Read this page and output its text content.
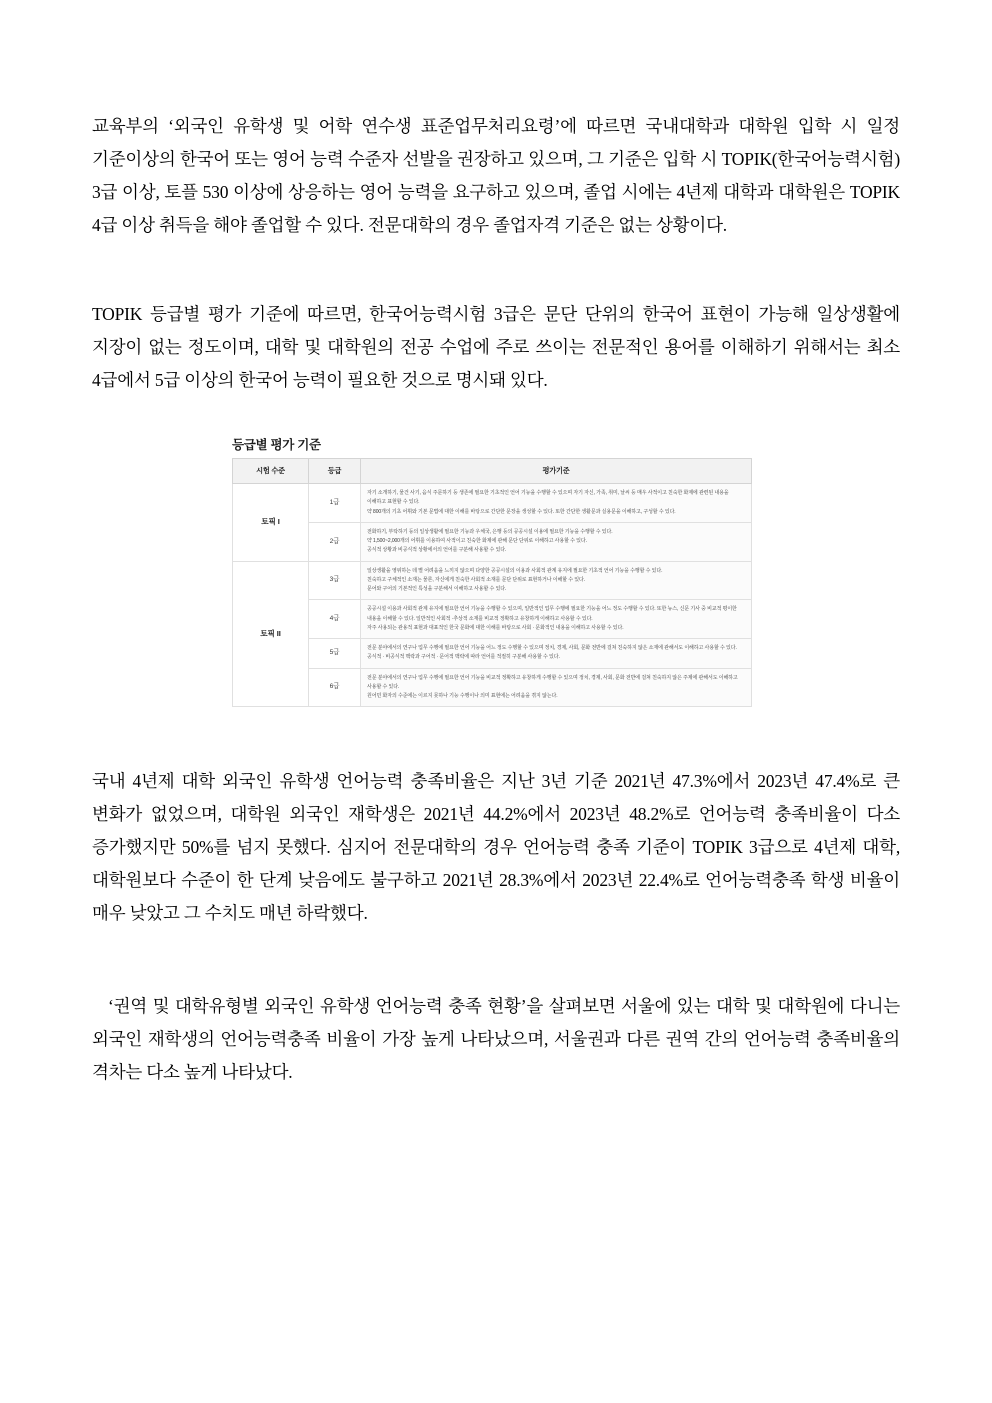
교육부의 ‘외국인 유학생 및 어학 연수생 표준업무처리요령’에 따르면 국내대학과 대학원 입학 시 일정 기준이상의 한국어 또는 영어 능력 수준자 선발을 권장하고 있으며, 그 기준은 입학 시 TOPIK(한국어능력시험) 3급 이상, 토플 530 이상에 상응하는 영어 능력을 요구하고 있으며, 졸업 시에는 4년제 대학과 대학원은 TOPIK 4급 이상 취득을 해야 졸업할 수 있다. 전문대학의 경우 졸업자격 기준은 없는 상황이다.

TOPIK 등급별 평가 기준에 따르면, 한국어능력시험 3급은 문단 단위의 한국어 표현이 가능해 일상생활에 지장이 없는 정도이며, 대학 및 대학원의 전공 수업에 주로 쓰이는 전문적인 용어를 이해하기 위해서는 최소 4급에서 5급 이상의 한국어 능력이 필요한 것으로 명시돼 있다.

등급별 평가 기준
시험 수준	등급	평가기준
토픽 I	1급	자기 소개하기, 물건 사기, 음식 주문하기 등 생존에 필요한 기초적인 언어 기능을 수행할 수 있으며 자기 자신, 가족, 취미, 날씨 등 매우 사적이고 친숙한 화제에 관련된 내용을 이해하고 표현할 수 있다.
약 800개의 기초 어휘와 기본 문법에 대한 이해를 바탕으로 간단한 문장을 생성할 수 있다. 또한 간단한 생활문과 실용문을 이해하고, 구성할 수 있다.

	2급	전화하기, 부탁하기 등의 일상생활에 필요한 기능과 우체국, 은행 등의 공공시설 이용에 필요한 기능을 수행할 수 있다.
약 1,500~2,000개의 어휘를 이용하여 사적이고 친숙한 화제에 관해 문단 단위로 이해하고 사용할 수 있다.
공식적 상황과 비공식적 상황에서의 언어를 구분해 사용할 수 있다.

토픽 II	3급	일상생활을 영위하는 데 별 어려움을 느끼지 않으며 다양한 공공시설의 이용과 사회적 관계 유지에 필요한 기초적 언어 기능을 수행할 수 있다.
친숙하고 구체적인 소재는 물론, 자신에게 친숙한 사회적 소재를 문단 단위로 표현하거나 이해할 수 있다.
문어와 구어의 기본적인 특성을 구분해서 이해하고 사용할 수 있다.

	4급	공공시설 이용과 사회적 관계 유지에 필요한 언어 기능을 수행할 수 있으며, 일반적인 업무 수행에 필요한 기능을 어느 정도 수행할 수 있다. 또한 뉴스, 신문 기사 중 비교적 평이한 내용을 이해할 수 있다. 일반적인 사회적 ·추상적 소재를 비교적 정확하고 유창하게 이해하고 사용할 수 있다.
자주 사용되는 관용적 표현과 대표적인 한국 문화에 대한 이해를 바탕으로 사회 · 문화적인 내용을 이해하고 사용할 수 있다.

	5급	전문 분야에서의 연구나 업무 수행에 필요한 언어 기능을 어느 정도 수행할 수 있으며 정치, 경제, 사회, 문화 전반에 걸쳐 친숙하지 않은 소재에 관해서도 이해하고 사용할 수 있다.
공식적 · 비공식적 맥락과 구어적 · 문어적 맥락에 따라 언어를 적절히 구분해 사용할 수 있다.

	6급	전문 분야에서의 연구나 업무 수행에 필요한 언어 기능을 비교적 정확하고 유창하게 수행할 수 있으며 정치, 경제, 사회, 문화 전반에 걸쳐 친숙하지 않은 주제에 관해서도 이해하고 사용할 수 있다.
원어민 화자의 수준에는 이르지 못하나 기능 수행이나 의미 표현에는 어려움을 겪지 않는다.

국내 4년제 대학 외국인 유학생 언어능력 충족비율은 지난 3년 기준 2021년 47.3%에서 2023년 47.4%로 큰 변화가 없었으며, 대학원 외국인 재학생은 2021년 44.2%에서 2023년 48.2%로 언어능력 충족비율이 다소 증가했지만 50%를 넘지 못했다. 심지어 전문대학의 경우 언어능력 충족 기준이 TOPIK 3급으로 4년제 대학, 대학원보다 수준이 한 단계 낮음에도 불구하고 2021년 28.3%에서 2023년 22.4%로 언어능력충족 학생 비율이 매우 낮았고 그 수치도 매년 하락했다.

‘권역 및 대학유형별 외국인 유학생 언어능력 충족 현황’을 살펴보면 서울에 있는 대학 및 대학원에 다니는 외국인 재학생의 언어능력충족 비율이 가장 높게 나타났으며, 서울권과 다른 권역 간의 언어능력 충족비율의 격차는 다소 높게 나타났다.
